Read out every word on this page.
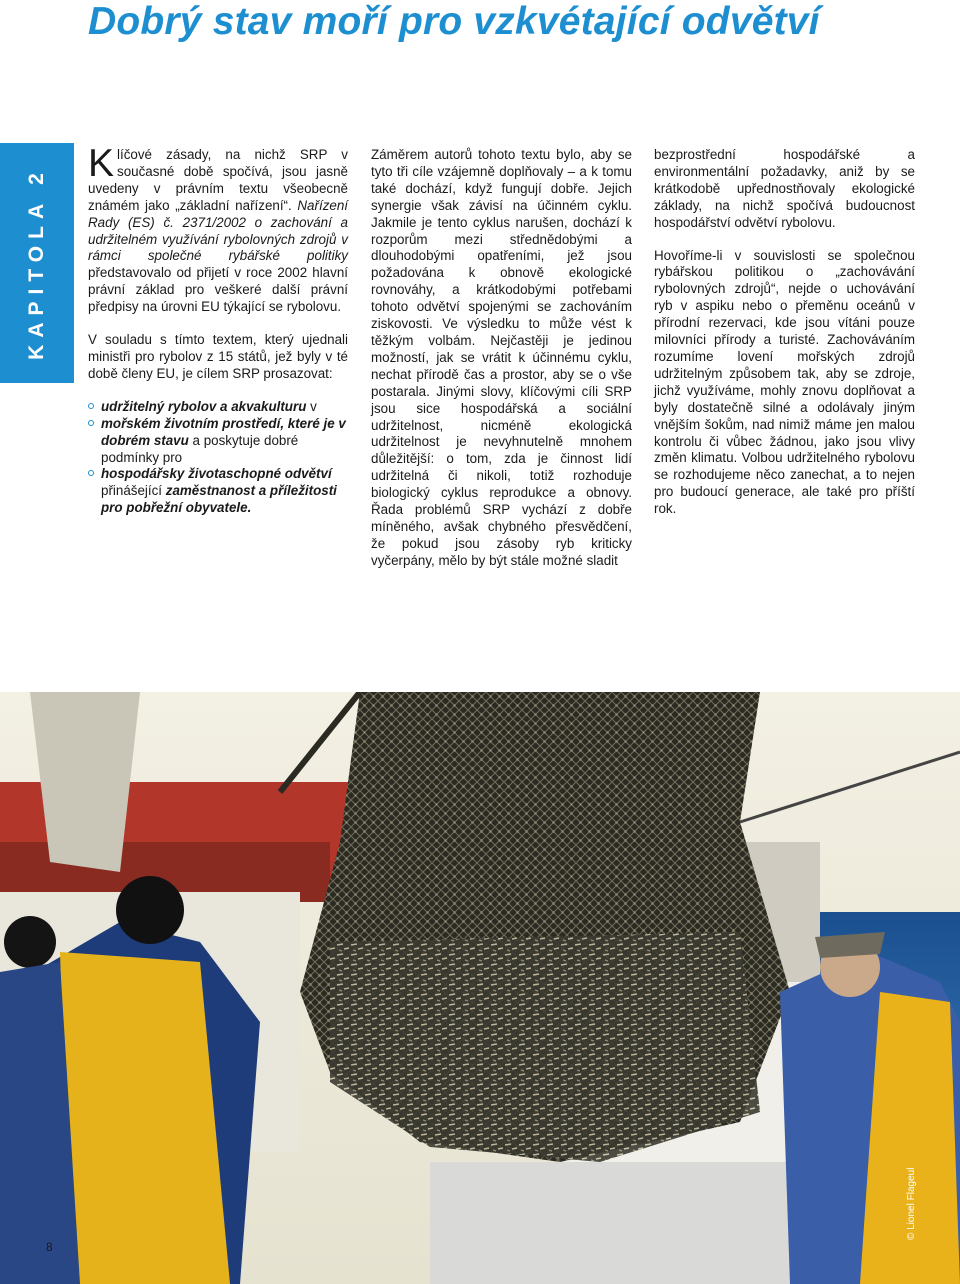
Dobrý stav moří pro vzkvétající odvětví
KAPITOLA 2

Klíčové zásady, na nichž SRP v současné době spočívá, jsou jasně uvedeny v právním textu všeobecně známém jako „základní nařízení“. Nařízení Rady (ES) č. 2371/2002 o zachování a udržitelném využívání rybolovných zdrojů v rámci společné rybářské politiky představovalo od přijetí v roce 2002 hlavní právní základ pro veškeré další právní předpisy na úrovni EU týkající se rybolovu.

V souladu s tímto textem, který ujednali ministři pro rybolov z 15 států, jež byly v té době členy EU, je cílem SRP prosazovat:

udržitelný rybolov a akvakulturu v
mořském životním prostředí, které je v dobrém stavu a poskytuje dobré podmínky pro
hospodářsky životaschopné odvětví přinášející zaměstnanost a příležitosti pro pobřežní obyvatele.

Záměrem autorů tohoto textu bylo, aby se tyto tři cíle vzájemně doplňovaly – a k tomu také dochází, když fungují dobře. Jejich synergie však závisí na účinném cyklu. Jakmile je tento cyklus narušen, dochází k rozporům mezi střednědobými a dlouhodobými opatřeními, jež jsou požadována k obnově ekologické rovnováhy, a krátkodobými potřebami tohoto odvětví spojenými se zachováním ziskovosti. Ve výsledku to může vést k těžkým volbám. Nejčastěji je jedinou možností, jak se vrátit k účinnému cyklu, nechat přírodě čas a prostor, aby se o vše postarala. Jinými slovy, klíčovými cíli SRP jsou sice hospodářská a sociální udržitelnost, nicméně ekologická udržitelnost je nevyhnutelně mnohem důležitější: o tom, zda je činnost lidí udržitelná či nikoli, totiž rozhoduje biologický cyklus reprodukce a obnovy. Řada problémů SRP vychází z dobře míněného, avšak chybného přesvědčení, že pokud jsou zásoby ryb kriticky vyčerpány, mělo by být stále možné sladit

bezprostřední hospodářské a environmentální požadavky, aniž by se krátkodobě upřednostňovaly ekologické základy, na nichž spočívá budoucnost hospodářství odvětví rybolovu.

Hovoříme-li v souvislosti se společnou rybářskou politikou o „zachovávání rybolovných zdrojů“, nejde o uchovávání ryb v aspiku nebo o přeměnu oceánů v přírodní rezervaci, kde jsou vítáni pouze milovníci přírody a turisté. Zachováváním rozumíme lovení mořských zdrojů udržitelným způsobem tak, aby se zdroje, jichž využíváme, mohly znovu doplňovat a byly dostatečně silné a odolávaly jiným vnějším šokům, nad nimiž máme jen malou kontrolu či vůbec žádnou, jako jsou vlivy změn klimatu. Volbou udržitelného rybolovu se rozhodujeme něco zanechat, a to nejen pro budoucí generace, ale také pro příští rok.

8
© Lionel Flageul
